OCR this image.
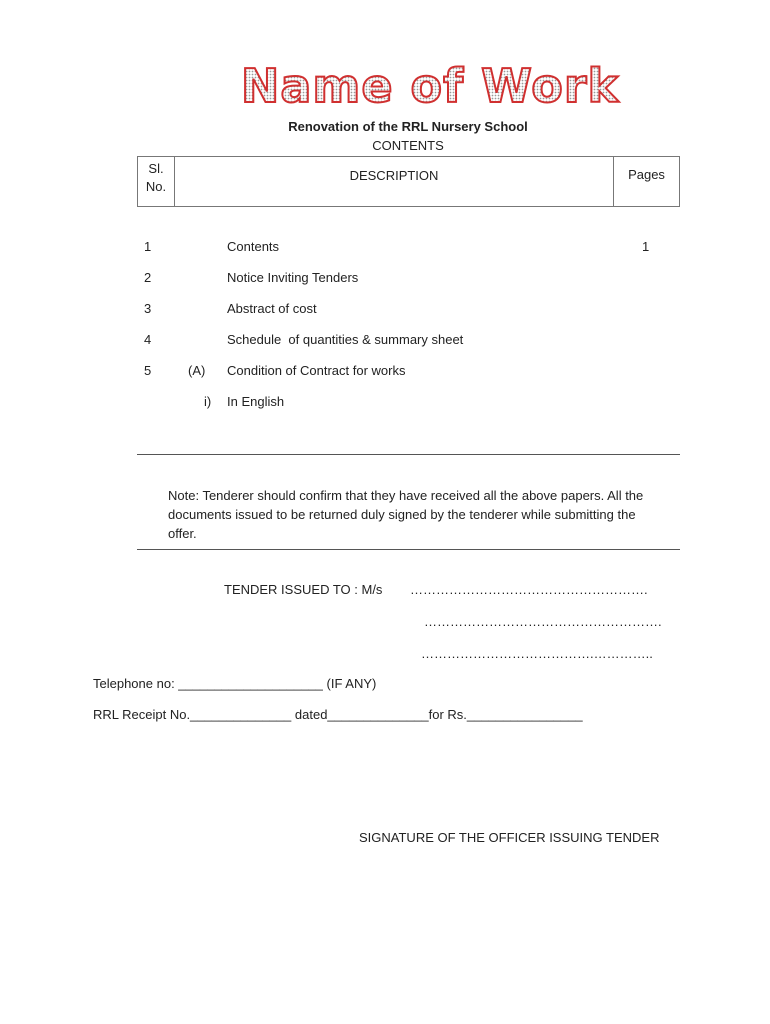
Name of Work
Renovation of the RRL Nursery School
CONTENTS
Sl.
No.	DESCRIPTION	Pages
1	Contents	1
2	Notice Inviting Tenders
3	Abstract of cost
4	Schedule  of quantities & summary sheet
5	(A) Condition of Contract for works
i) In English
Note: Tenderer should confirm that they have received all the above papers. All the documents issued to be returned duly signed by the tenderer while submitting the offer.
TENDER ISSUED TO : M/s ……………………………………………….
……………………………………………….
………………………………….…………..
Telephone no: ____________________ (IF ANY)
RRL Receipt No.______________ dated______________for Rs.________________
SIGNATURE OF THE OFFICER ISSUING TENDER
